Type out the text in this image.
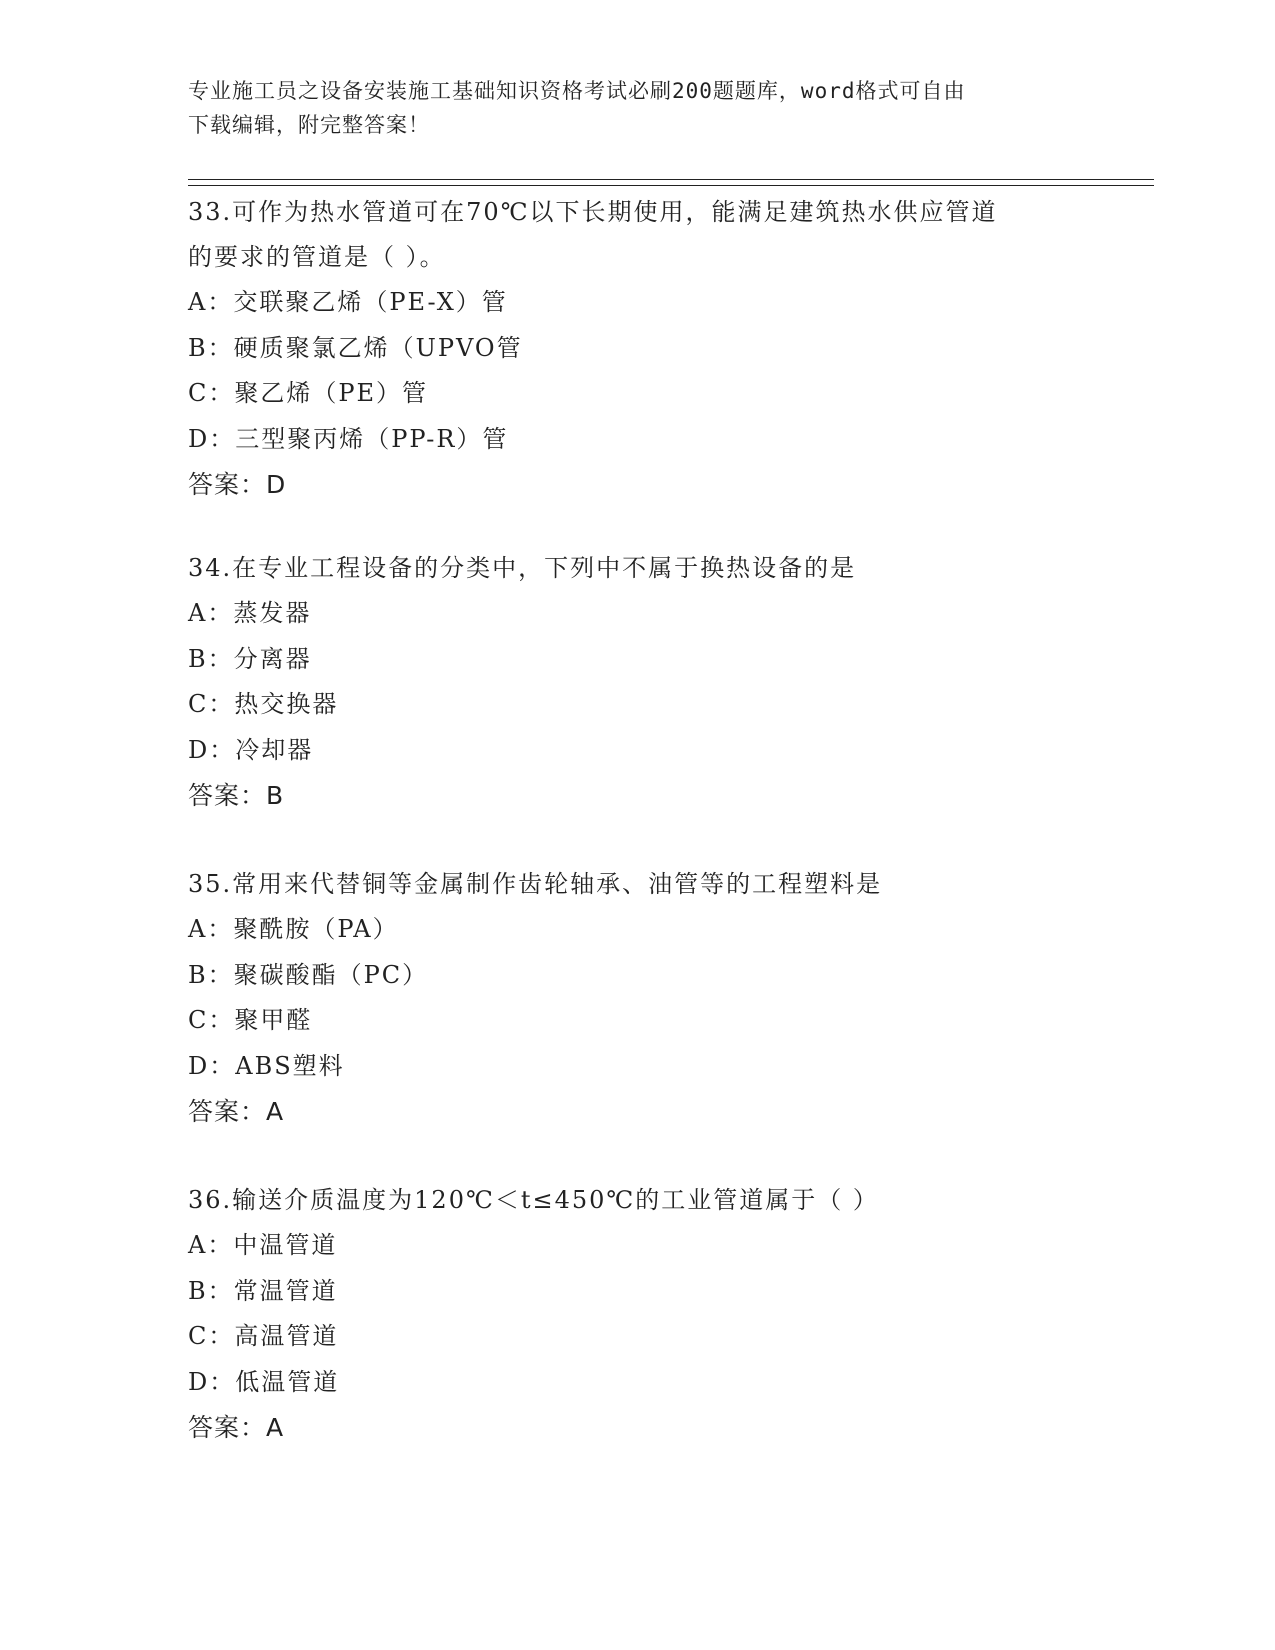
专业施工员之设备安装施工基础知识资格考试必刷200题题库，word格式可自由
下载编辑，附完整答案！
33.可作为热水管道可在70℃以下长期使用，能满足建筑热水供应管道
的要求的管道是（ ）。
A：交联聚乙烯（PE-X）管
B：硬质聚氯乙烯（UPVO管
C：聚乙烯（PE）管
D：三型聚丙烯（PP-R）管
答案：D
34.在专业工程设备的分类中，下列中不属于换热设备的是
A：蒸发器
B：分离器
C：热交换器
D：冷却器
答案：B
35.常用来代替铜等金属制作齿轮轴承、油管等的工程塑料是
A：聚酰胺（PA）
B：聚碳酸酯（PC）
C：聚甲醛
D：ABS塑料
答案：A
36.输送介质温度为120℃＜t≤450℃的工业管道属于（ ）
A：中温管道
B：常温管道
C：高温管道
D：低温管道
答案：A
